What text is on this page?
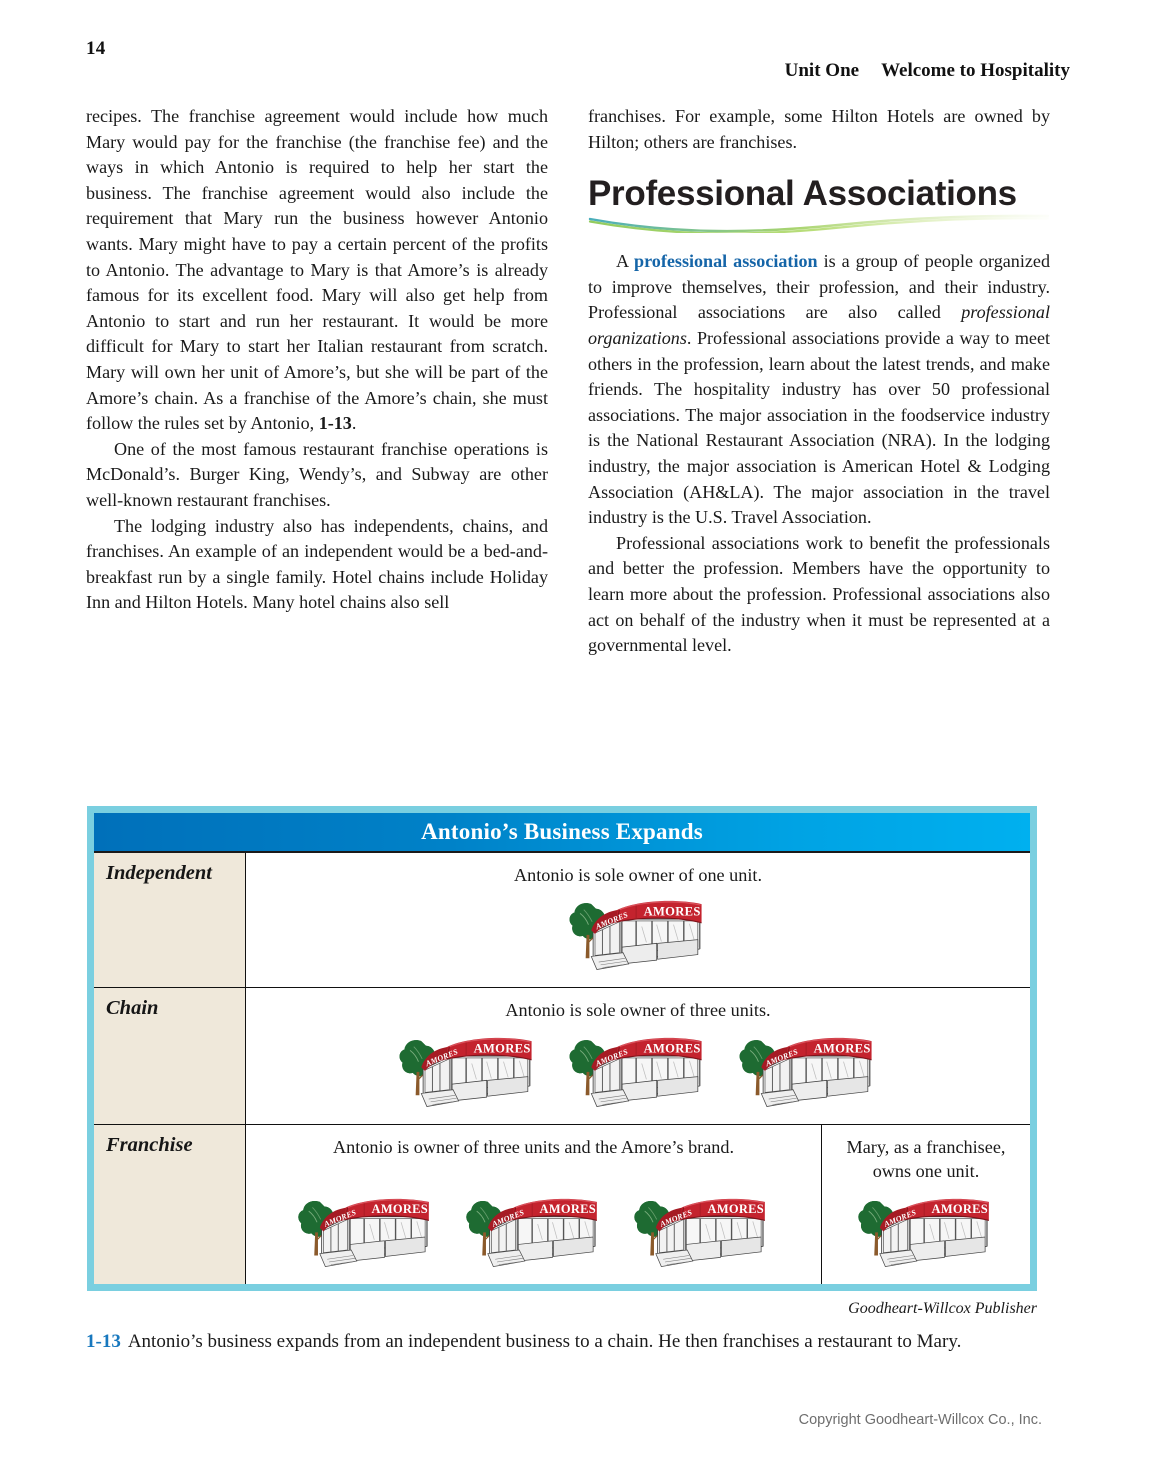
14

Unit One Welcome to Hospitality

recipes. The franchise agreement would include how much Mary would pay for the franchise (the franchise fee) and the ways in which Antonio is required to help her start the business. The franchise agreement would also include the requirement that Mary run the business however Antonio wants. Mary might have to pay a certain percent of the profits to Antonio. The advantage to Mary is that Amore’s is already famous for its excellent food. Mary will also get help from Antonio to start and run her restaurant. It would be more difficult for Mary to start her Italian restaurant from scratch. Mary will own her unit of Amore’s, but she will be part of the Amore’s chain. As a franchise of the Amore’s chain, she must follow the rules set by Antonio, 1-13.

One of the most famous restaurant franchise operations is McDonald’s. Burger King, Wendy’s, and Subway are other well-known restaurant franchises.

The lodging industry also has independents, chains, and franchises. An example of an independent would be a bed-and-breakfast run by a single family. Hotel chains include Holiday Inn and Hilton Hotels. Many hotel chains also sell

franchises. For example, some Hilton Hotels are owned by Hilton; others are franchises.

Professional Associations

A professional association is a group of people organized to improve themselves, their profession, and their industry. Professional associations are also called professional organizations. Professional associations provide a way to meet others in the profession, learn about the latest trends, and make friends. The hospitality industry has over 50 professional associations. The major association in the foodservice industry is the National Restaurant Association (NRA). In the lodging industry, the major association is American Hotel & Lodging Association (AH&LA). The major association in the travel industry is the U.S. Travel Association.

Professional associations work to benefit the professionals and better the profession. Members have the opportunity to learn more about the profession. Professional associations also act on behalf of the industry when it must be represented at a governmental level.

Antonio’s Business Expands
Independent	Antonio is sole owner of one unit.
Chain	Antonio is sole owner of three units.
Franchise	Antonio is owner of three units and the Amore’s brand.	Mary, as a franchisee, owns one unit.
Goodheart-Willcox Publisher
1-13 Antonio’s business expands from an independent business to a chain. He then franchises a restaurant to Mary.
Copyright Goodheart-Willcox Co., Inc.
